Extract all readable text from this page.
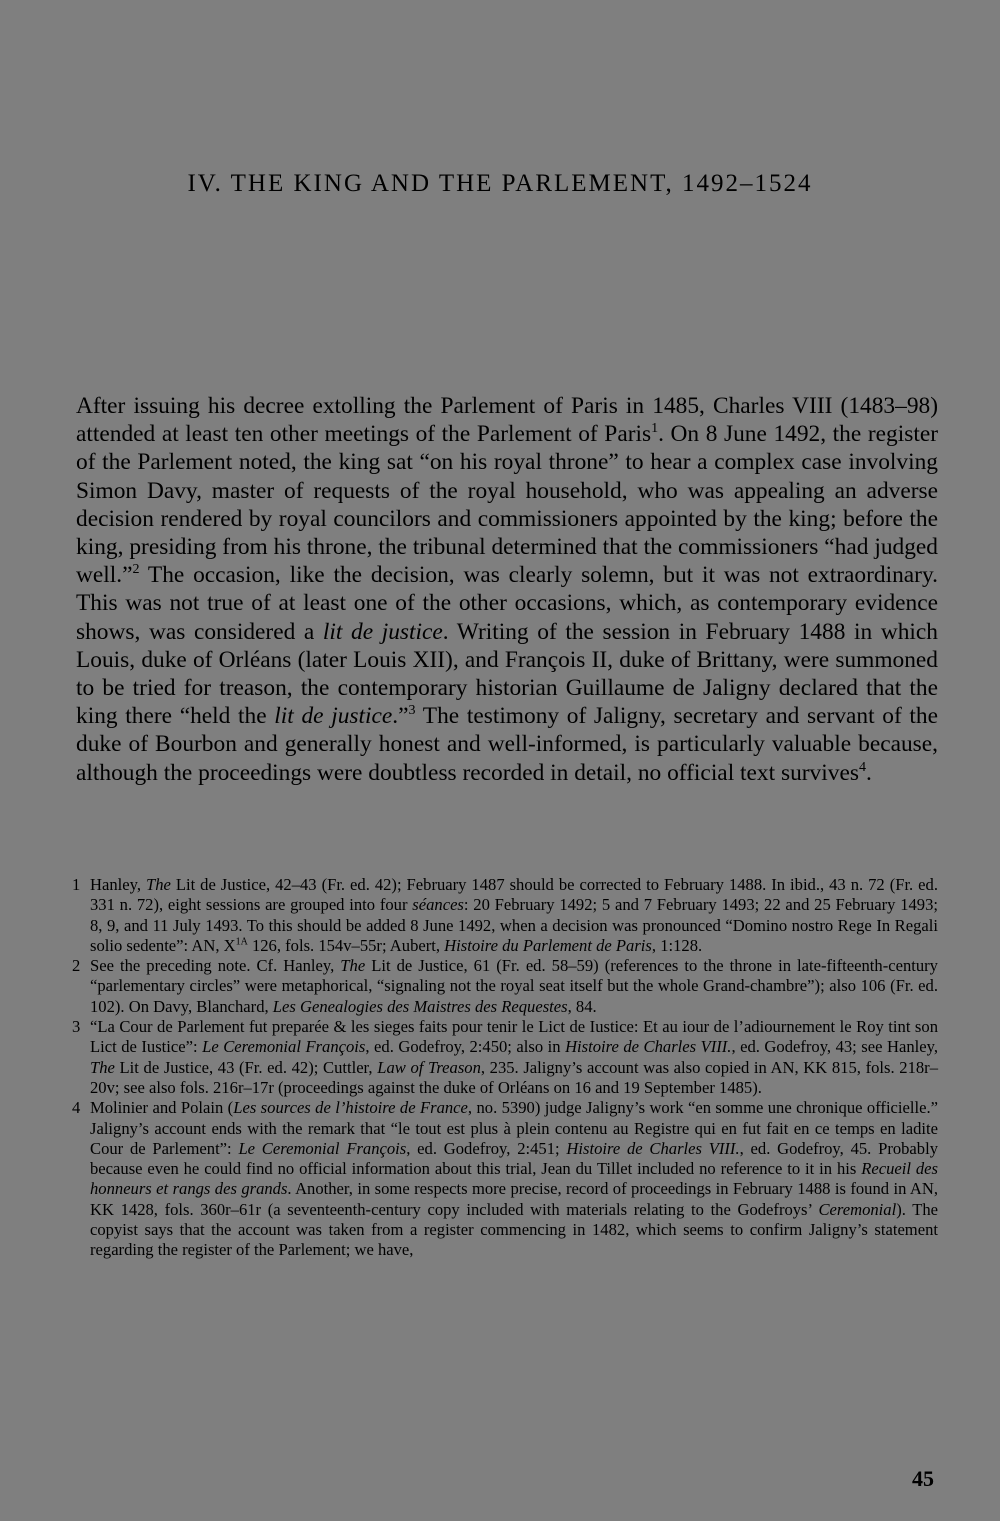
IV. THE KING AND THE PARLEMENT, 1492–1524

After issuing his decree extolling the Parlement of Paris in 1485, Charles VIII (1483–98) attended at least ten other meetings of the Parlement of Paris$^1$. On 8 June 1492, the register of the Parlement noted, the king sat “on his royal throne” to hear a complex case involving Simon Davy, master of requests of the royal household, who was appealing an adverse decision rendered by royal councilors and commissioners appointed by the king; before the king, presiding from his throne, the tribunal determined that the commissioners “had judged well.”$^2$ The occasion, like the decision, was clearly solemn, but it was not extraordinary. This was not true of at least one of the other occasions, which, as contemporary evidence shows, was considered a lit de justice. Writing of the session in February 1488 in which Louis, duke of Orléans (later Louis XII), and François II, duke of Brittany, were summoned to be tried for treason, the contemporary historian Guillaume de Jaligny declared that the king there “held the lit de justice.”$^3$ The testimony of Jaligny, secretary and servant of the duke of Bourbon and generally honest and well-informed, is particularly valuable because, although the proceedings were doubtless recorded in detail, no official text survives$^4$.

1 Hanley, The Lit de Justice, 42–43 (Fr. ed. 42); February 1487 should be corrected to February 1488. In ibid., 43 n. 72 (Fr. ed. 331 n. 72), eight sessions are grouped into four séances: 20 February 1492; 5 and 7 February 1493; 22 and 25 February 1493; 8, 9, and 11 July 1493. To this should be added 8 June 1492, when a decision was pronounced “Domino nostro Rege In Regali solio sedente”: AN, $X^{1A}$ 126, fols. 154v–55r; Aubert, Histoire du Parlement de Paris, 1:128.
2 See the preceding note. Cf. Hanley, The Lit de Justice, 61 (Fr. ed. 58–59) (references to the throne in late-fifteenth-century “parlementary circles” were metaphorical, “signaling not the royal seat itself but the whole Grand-chambre”); also 106 (Fr. ed. 102). On Davy, Blanchard, Les Genealogies des Maistres des Requestes, 84.
3 “La Cour de Parlement fut preparée & les sieges faits pour tenir le Lict de Iustice: Et au iour de l’adiournement le Roy tint son Lict de Iustice”: Le Ceremonial François, ed. Godefroy, 2:450; also in Histoire de Charles VIII., ed. Godefroy, 43; see Hanley, The Lit de Justice, 43 (Fr. ed. 42); Cuttler, Law of Treason, 235. Jaligny’s account was also copied in AN, KK 815, fols. 218r–20v; see also fols. 216r–17r (proceedings against the duke of Orléans on 16 and 19 September 1485).
4 Molinier and Polain (Les sources de l’histoire de France, no. 5390) judge Jaligny’s work “en somme une chronique officielle.” Jaligny’s account ends with the remark that “le tout est plus à plein contenu au Registre qui en fut fait en ce temps en ladite Cour de Parlement”: Le Ceremonial François, ed. Godefroy, 2:451; Histoire de Charles VIII., ed. Godefroy, 45. Probably because even he could find no official information about this trial, Jean du Tillet included no reference to it in his Recueil des honneurs et rangs des grands. Another, in some respects more precise, record of proceedings in February 1488 is found in AN, KK 1428, fols. 360r–61r (a seventeenth-century copy included with materials relating to the Godefroys’ Ceremonial). The copyist says that the account was taken from a register commencing in 1482, which seems to confirm Jaligny’s statement regarding the register of the Parlement; we have,
45
